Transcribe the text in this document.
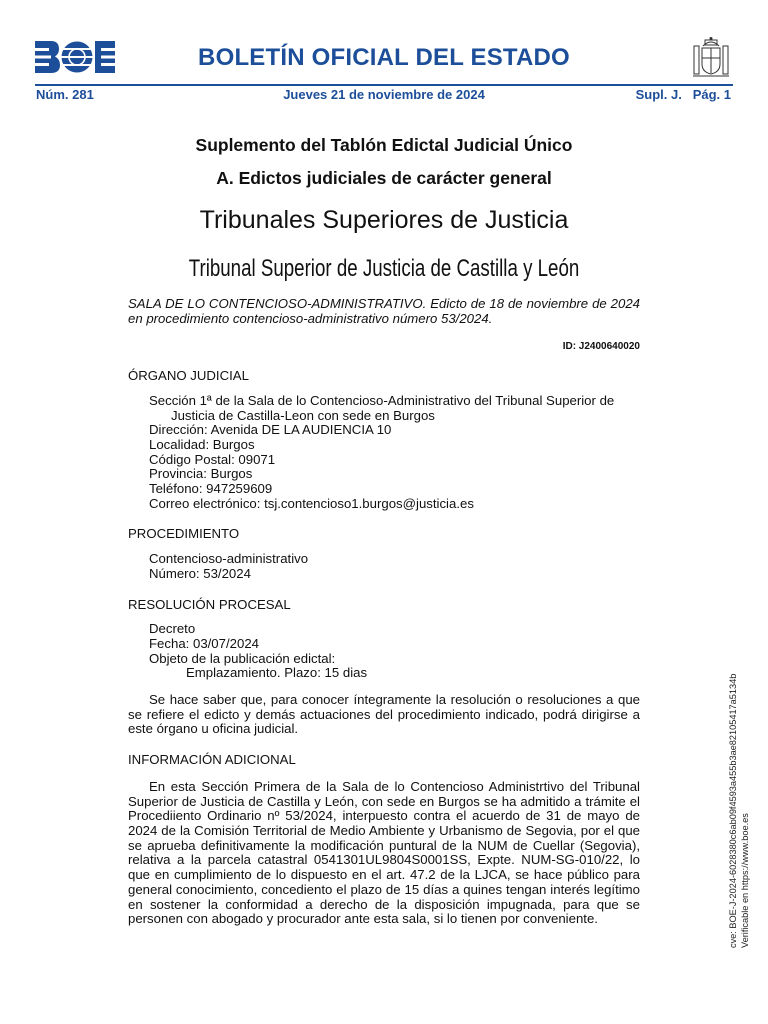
BOLETÍN OFICIAL DEL ESTADO
Núm. 281	Jueves 21 de noviembre de 2024	Supl. J.   Pág. 1
Suplemento del Tablón Edictal Judicial Único
A. Edictos judiciales de carácter general
Tribunales Superiores de Justicia
Tribunal Superior de Justicia de Castilla y León

SALA DE LO CONTENCIOSO-ADMINISTRATIVO. Edicto de 18 de noviembre de 2024 en procedimiento contencioso-administrativo número 53/2024.

ID: J2400640020
ÓRGANO JUDICIAL
Sección 1ª de la Sala de lo Contencioso-Administrativo del Tribunal Superior de Justicia de Castilla-Leon con sede en Burgos
Dirección: Avenida DE LA AUDIENCIA 10
Localidad: Burgos
Código Postal: 09071
Provincia: Burgos
Teléfono: 947259609
Correo electrónico: tsj.contencioso1.burgos@justicia.es
PROCEDIMIENTO
Contencioso-administrativo
Número: 53/2024
RESOLUCIÓN PROCESAL
Decreto
Fecha: 03/07/2024
Objeto de la publicación edictal:
Emplazamiento. Plazo: 15 dias
Se hace saber que, para conocer íntegramente la resolución o resoluciones a que se refiere el edicto y demás actuaciones del procedimiento indicado, podrá dirigirse a este órgano u oficina judicial.
INFORMACIÓN ADICIONAL
En esta Sección Primera de la Sala de lo Contencioso Administrtivo del Tribunal Superior de Justicia de Castilla y León, con sede en Burgos se ha admitido a trámite el Procediiento Ordinario nº 53/2024, interpuesto contra el acuerdo de 31 de mayo de 2024 de la Comisión Territorial de Medio Ambiente y Urbanismo de Segovia, por el que se aprueba definitivamente la modificación puntural de la NUM de Cuellar (Segovia), relativa a la parcela catastral 0541301UL9804S0001SS, Expte. NUM-SG-010/22, lo que en cumplimiento de lo dispuesto en el art. 47.2 de la LJCA, se hace público para general conocimiento, concediento el plazo de 15 días a quines tengan interés legítimo en sostener la conformidad a derecho de la disposición impugnada, para que se personen con abogado y procurador ante esta sala, si lo tienen por conveniente.	cve: BOE-J-2024-6028380c6ab09f4593a455b3ae82105417a5134b Verificable en https://www.boe.es
